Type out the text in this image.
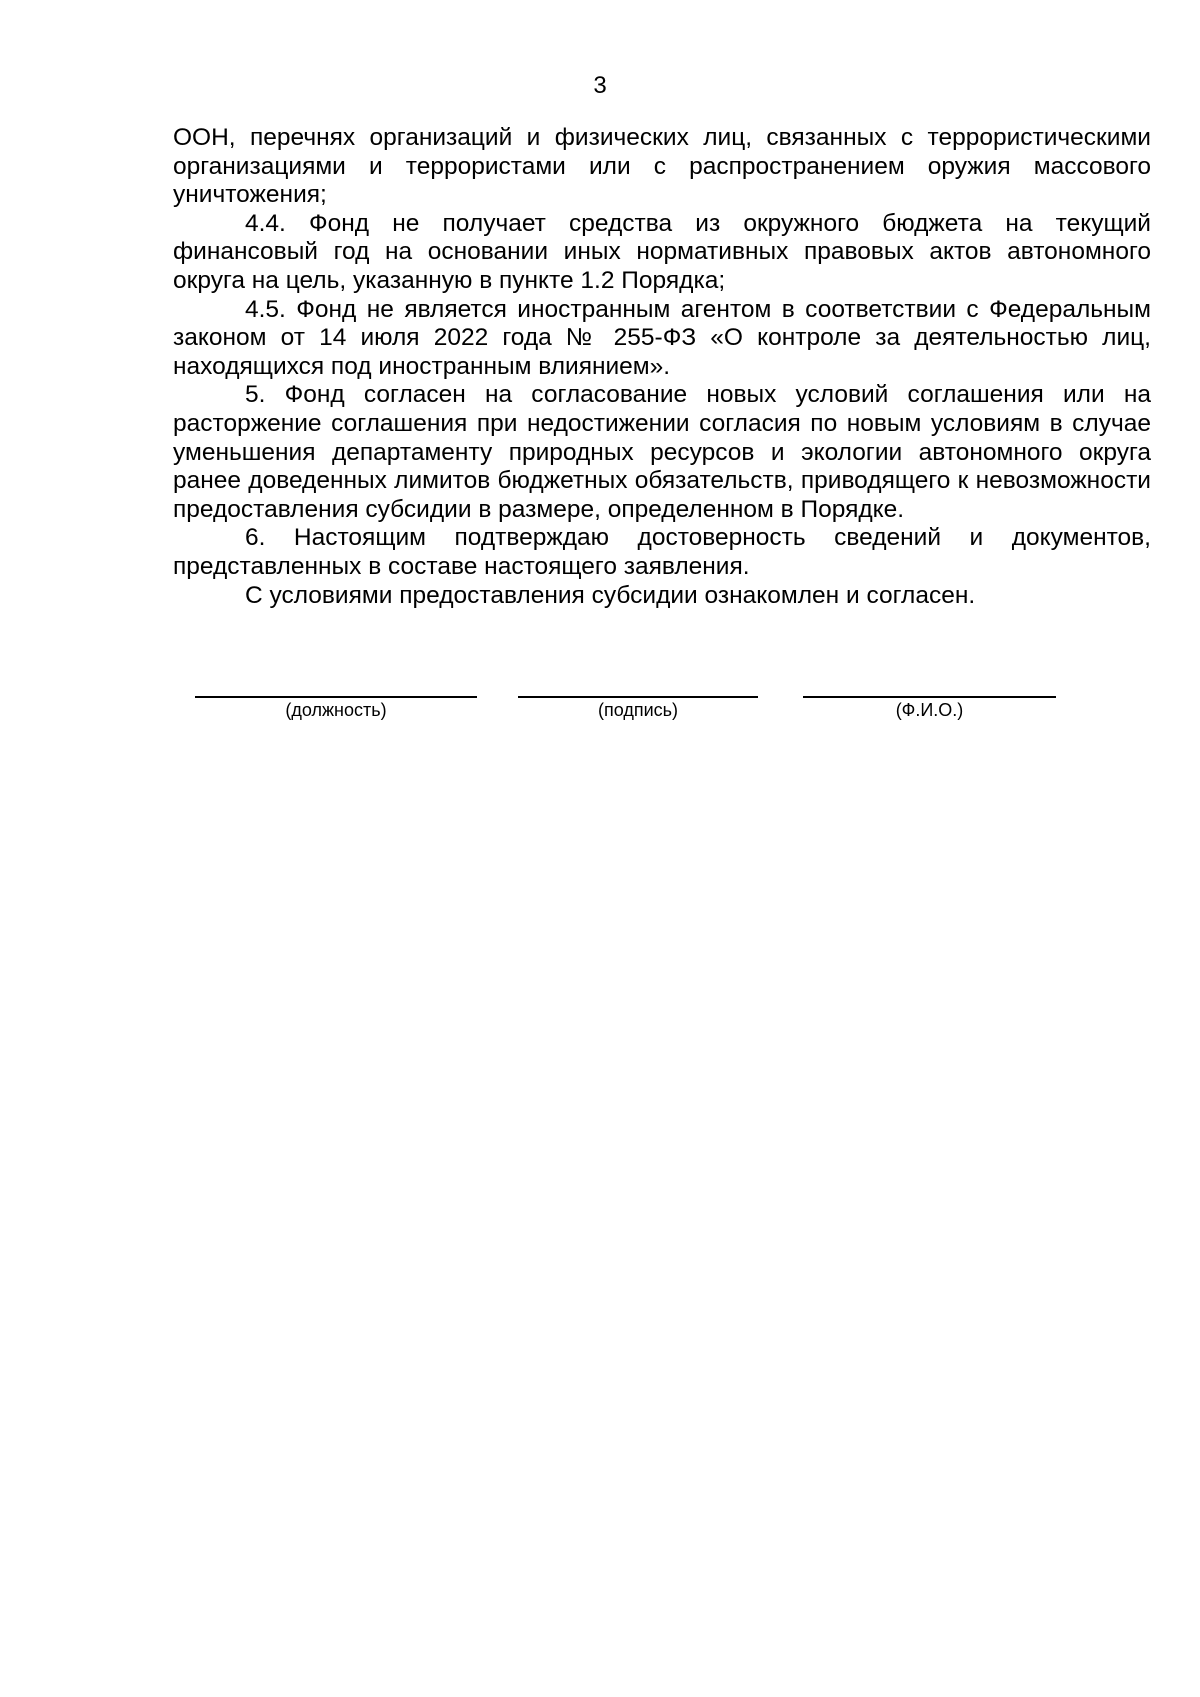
3

ООН, перечнях организаций и физических лиц, связанных с террористическими организациями и террористами или с распространением оружия массового уничтожения;

4.4. Фонд не получает средства из окружного бюджета на текущий финансовый год на основании иных нормативных правовых актов автономного округа на цель, указанную в пункте 1.2 Порядка;

4.5. Фонд не является иностранным агентом в соответствии с Федеральным законом от 14 июля 2022 года № 255-ФЗ «О контроле за деятельностью лиц, находящихся под иностранным влиянием».

5. Фонд согласен на согласование новых условий соглашения или на расторжение соглашения при недостижении согласия по новым условиям в случае уменьшения департаменту природных ресурсов и экологии автономного округа ранее доведенных лимитов бюджетных обязательств, приводящего к невозможности предоставления субсидии в размере, определенном в Порядке.

6. Настоящим подтверждаю достоверность сведений и документов, представленных в составе настоящего заявления.

С условиями предоставления субсидии ознакомлен и согласен.

(должность)	(подпись)	(Ф.И.О.)
